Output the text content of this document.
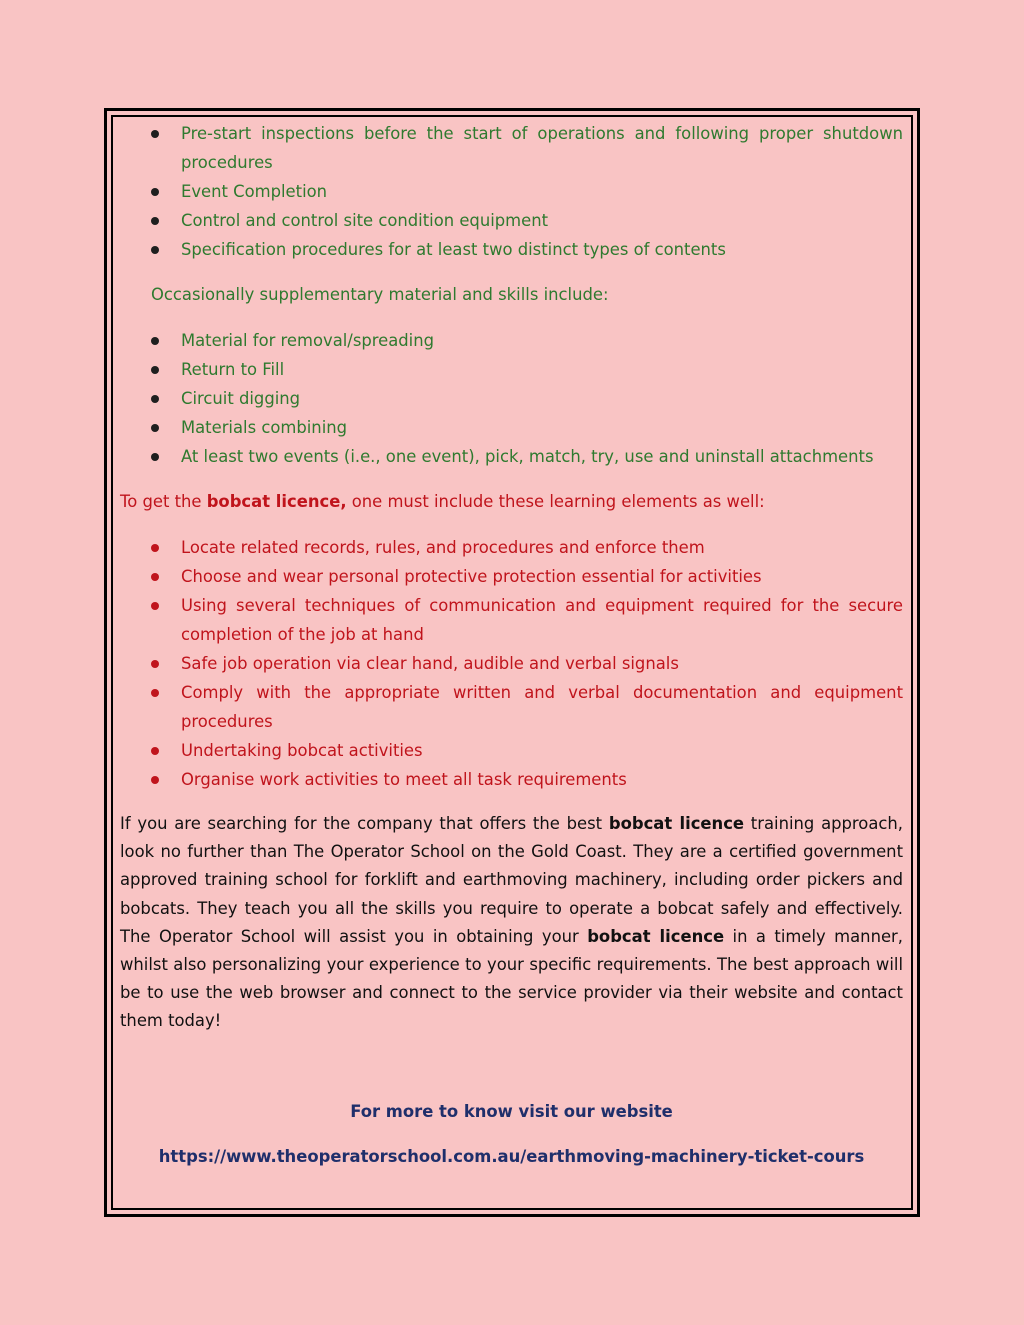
Pre-start inspections before the start of operations and following proper shutdown procedures
Event Completion
Control and control site condition equipment
Specification procedures for at least two distinct types of contents
Occasionally supplementary material and skills include:
Material for removal/spreading
Return to Fill
Circuit digging
Materials combining
At least two events (i.e., one event), pick, match, try, use and uninstall attachments
To get the bobcat licence, one must include these learning elements as well:
Locate related records, rules, and procedures and enforce them
Choose and wear personal protective protection essential for activities
Using several techniques of communication and equipment required for the secure completion of the job at hand
Safe job operation via clear hand, audible and verbal signals
Comply with the appropriate written and verbal documentation and equipment procedures
Undertaking bobcat activities
Organise work activities to meet all task requirements

If you are searching for the company that offers the best bobcat licence training approach, look no further than The Operator School on the Gold Coast. They are a certified government approved training school for forklift and earthmoving machinery, including order pickers and bobcats. They teach you all the skills you require to operate a bobcat safely and effectively. The Operator School will assist you in obtaining your bobcat licence in a timely manner, whilst also personalizing your experience to your specific requirements. The best approach will be to use the web browser and connect to the service provider via their website and contact them today!

For more to know visit our website
https://www.theoperatorschool.com.au/earthmoving-machinery-ticket-cours
